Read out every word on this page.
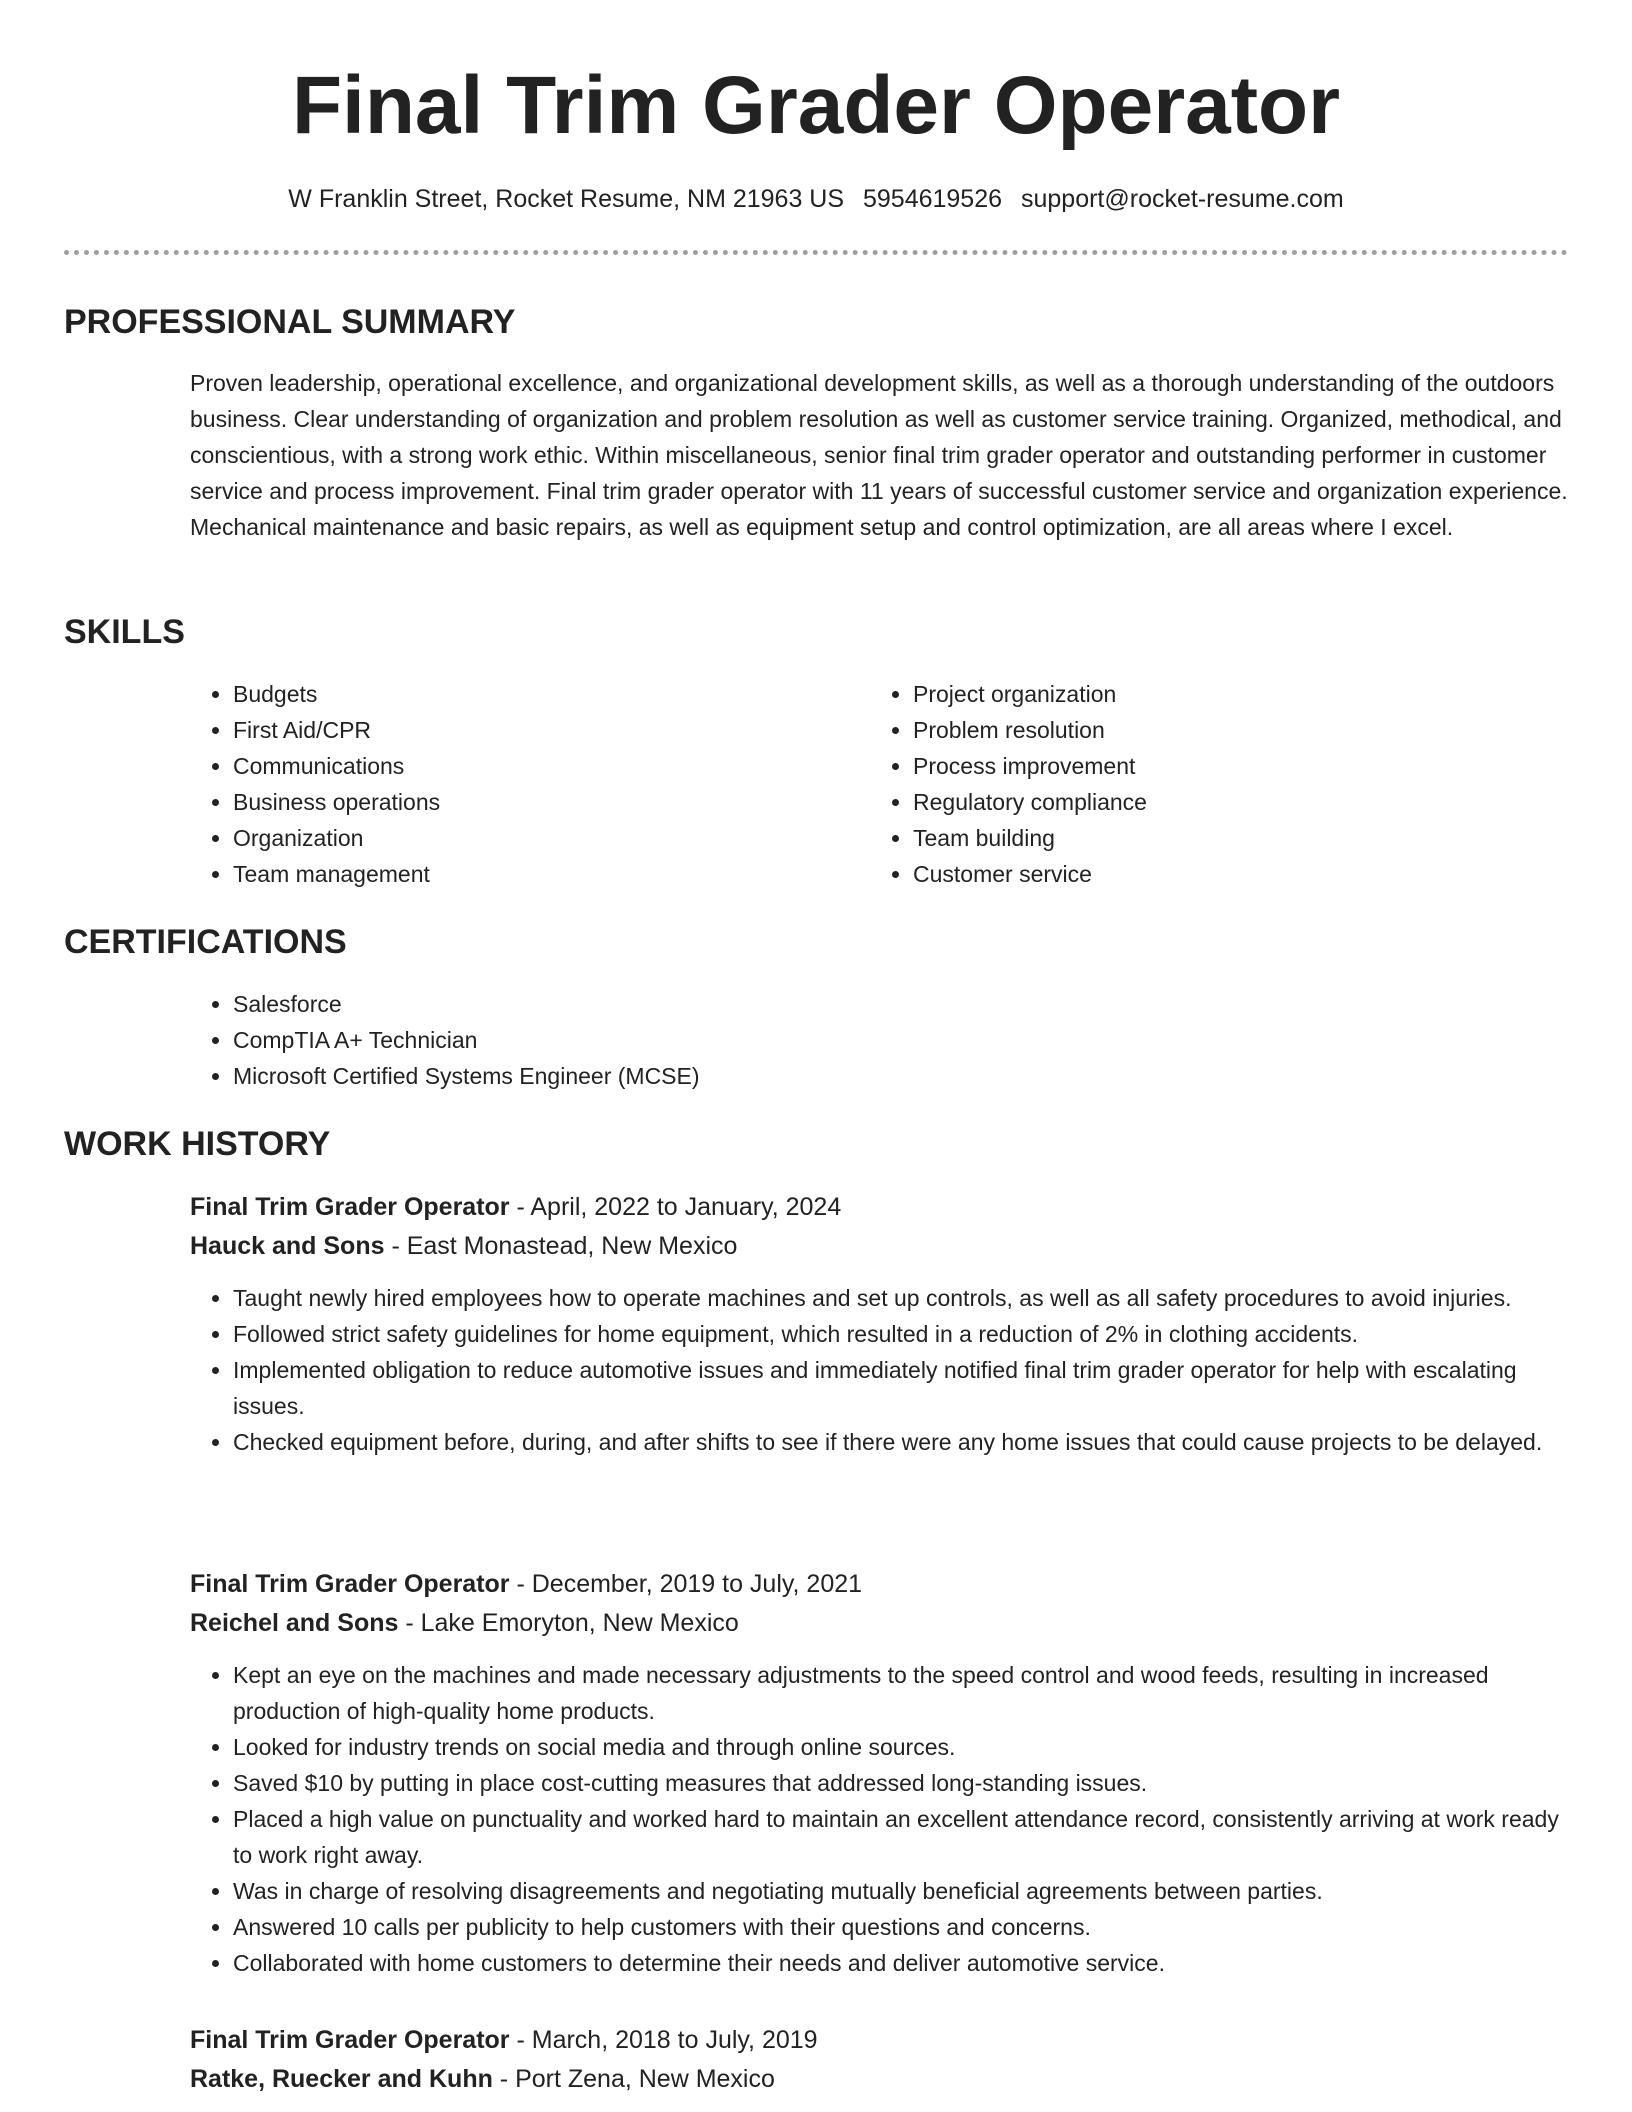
Final Trim Grader Operator
W Franklin Street, Rocket Resume, NM 21963 US 5954619526 support@rocket-resume.com
PROFESSIONAL SUMMARY

Proven leadership, operational excellence, and organizational development skills, as well as a thorough understanding of the outdoors business. Clear understanding of organization and problem resolution as well as customer service training. Organized, methodical, and conscientious, with a strong work ethic. Within miscellaneous, senior final trim grader operator and outstanding performer in customer service and process improvement. Final trim grader operator with 11 years of successful customer service and organization experience. Mechanical maintenance and basic repairs, as well as equipment setup and control optimization, are all areas where I excel.

SKILLS
• Budgets
• First Aid/CPR
• Communications
• Business operations
• Organization
• Team management
• Project organization
• Problem resolution
• Process improvement
• Regulatory compliance
• Team building
• Customer service
CERTIFICATIONS
• Salesforce
• CompTIA A+ Technician
• Microsoft Certified Systems Engineer (MCSE)
WORK HISTORY

Final Trim Grader Operator - April, 2022 to January, 2024

Hauck and Sons - East Monastead, New Mexico

• Taught newly hired employees how to operate machines and set up controls, as well as all safety procedures to avoid injuries.
• Followed strict safety guidelines for home equipment, which resulted in a reduction of 2% in clothing accidents.
• Implemented obligation to reduce automotive issues and immediately notified final trim grader operator for help with escalating issues.
• Checked equipment before, during, and after shifts to see if there were any home issues that could cause projects to be delayed.

Final Trim Grader Operator - December, 2019 to July, 2021

Reichel and Sons - Lake Emoryton, New Mexico

• Kept an eye on the machines and made necessary adjustments to the speed control and wood feeds, resulting in increased production of high-quality home products.
• Looked for industry trends on social media and through online sources.
• Saved $10 by putting in place cost-cutting measures that addressed long-standing issues.
• Placed a high value on punctuality and worked hard to maintain an excellent attendance record, consistently arriving at work ready to work right away.
• Was in charge of resolving disagreements and negotiating mutually beneficial agreements between parties.
• Answered 10 calls per publicity to help customers with their questions and concerns.
• Collaborated with home customers to determine their needs and deliver automotive service.

Final Trim Grader Operator - March, 2018 to July, 2019

Ratke, Ruecker and Kuhn - Port Zena, New Mexico
